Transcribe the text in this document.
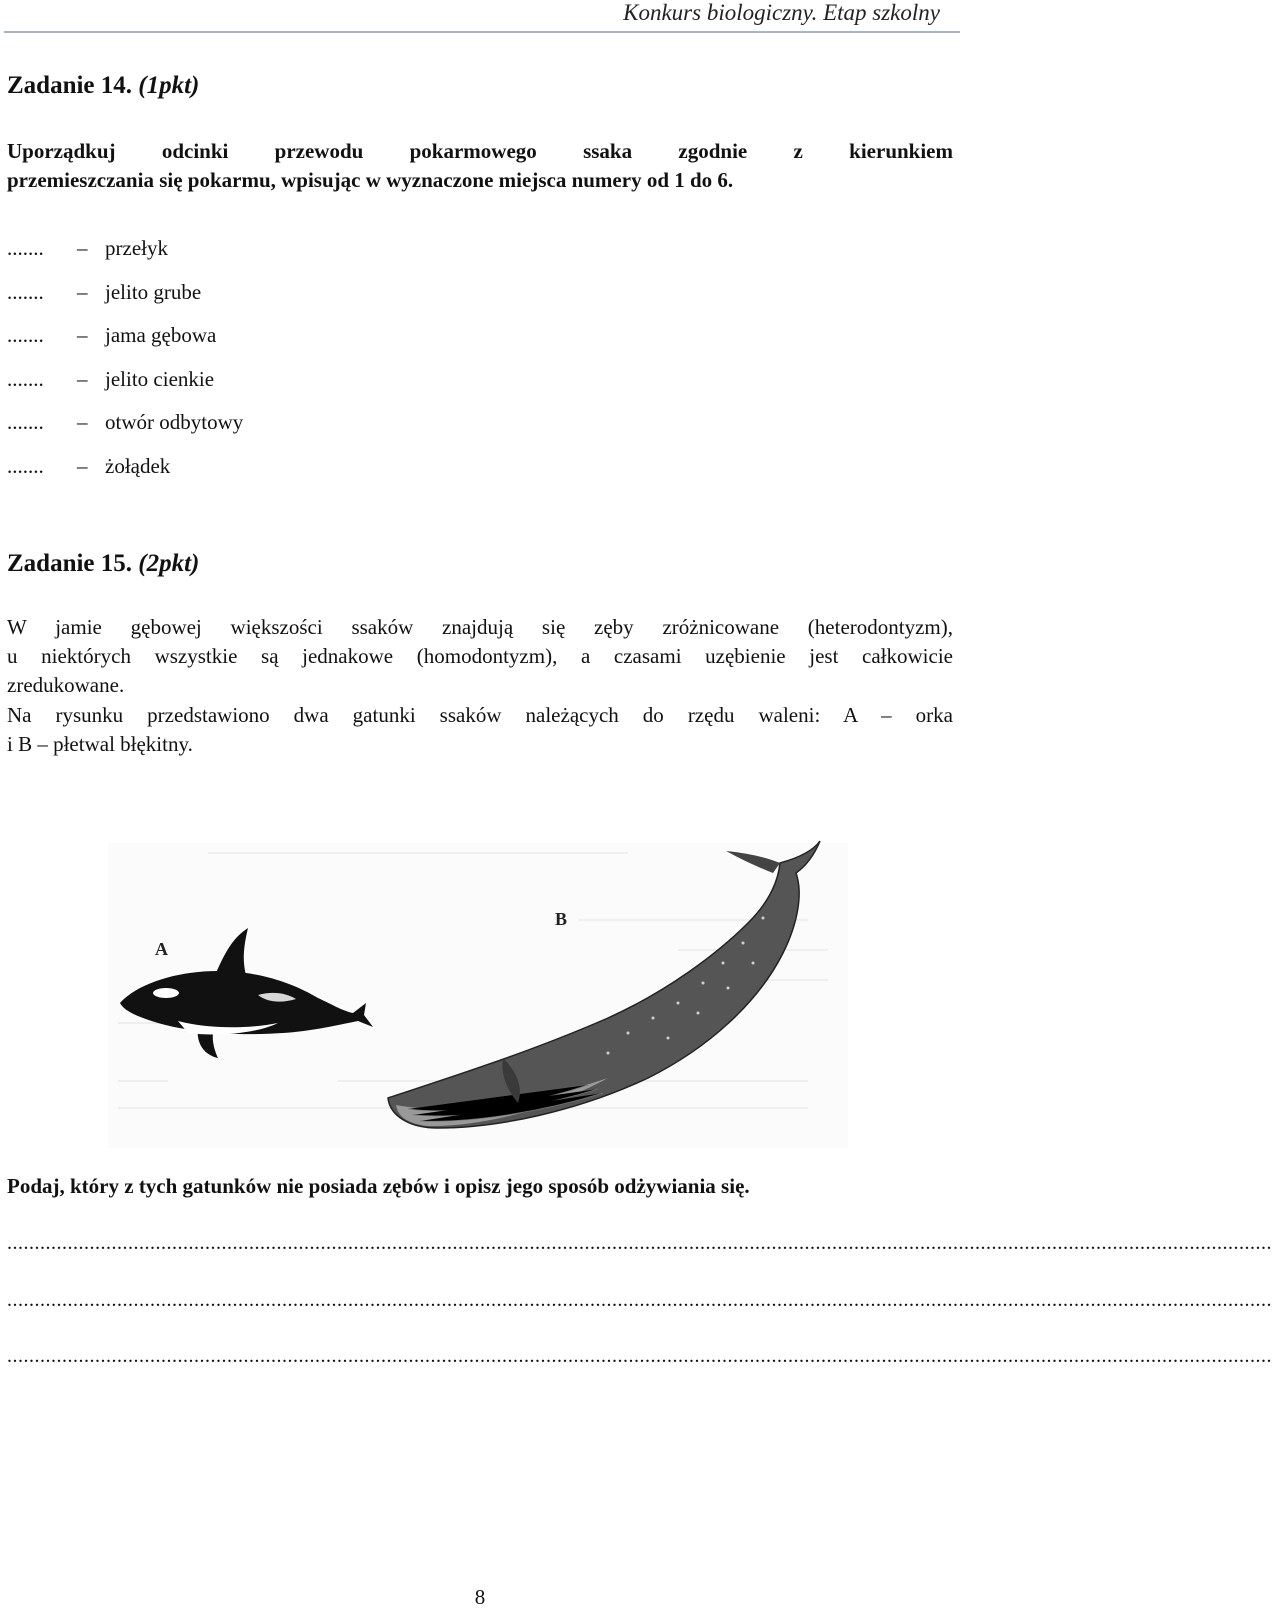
Konkurs biologiczny. Etap szkolny
Zadanie 14. (1pkt)
Uporządkuj odcinki przewodu pokarmowego ssaka zgodnie z kierunkiem
przemieszczania się pokarmu, wpisując w wyznaczone miejsca numery od 1 do 6.
.......	– przełyk
.......	– jelito grube
.......	– jama gębowa
.......	– jelito cienkie
.......	– otwór odbytowy
.......	– żołądek
Zadanie 15. (2pkt)
W jamie gębowej większości ssaków znajdują się zęby zróżnicowane (heterodontyzm),
u niektórych wszystkie są jednakowe (homodontyzm), a czasami uzębienie jest całkowicie
zredukowane.
Na rysunku przedstawiono dwa gatunki ssaków należących do rzędu waleni: A – orka
i B – płetwal błękitny.
A
B
Podaj, który z tych gatunków nie posiada zębów i opisz jego sposób odżywiania się.
......................................................................................................................................................................................................................................
......................................................................................................................................................................................................................................
......................................................................................................................................................................................................................................
8
